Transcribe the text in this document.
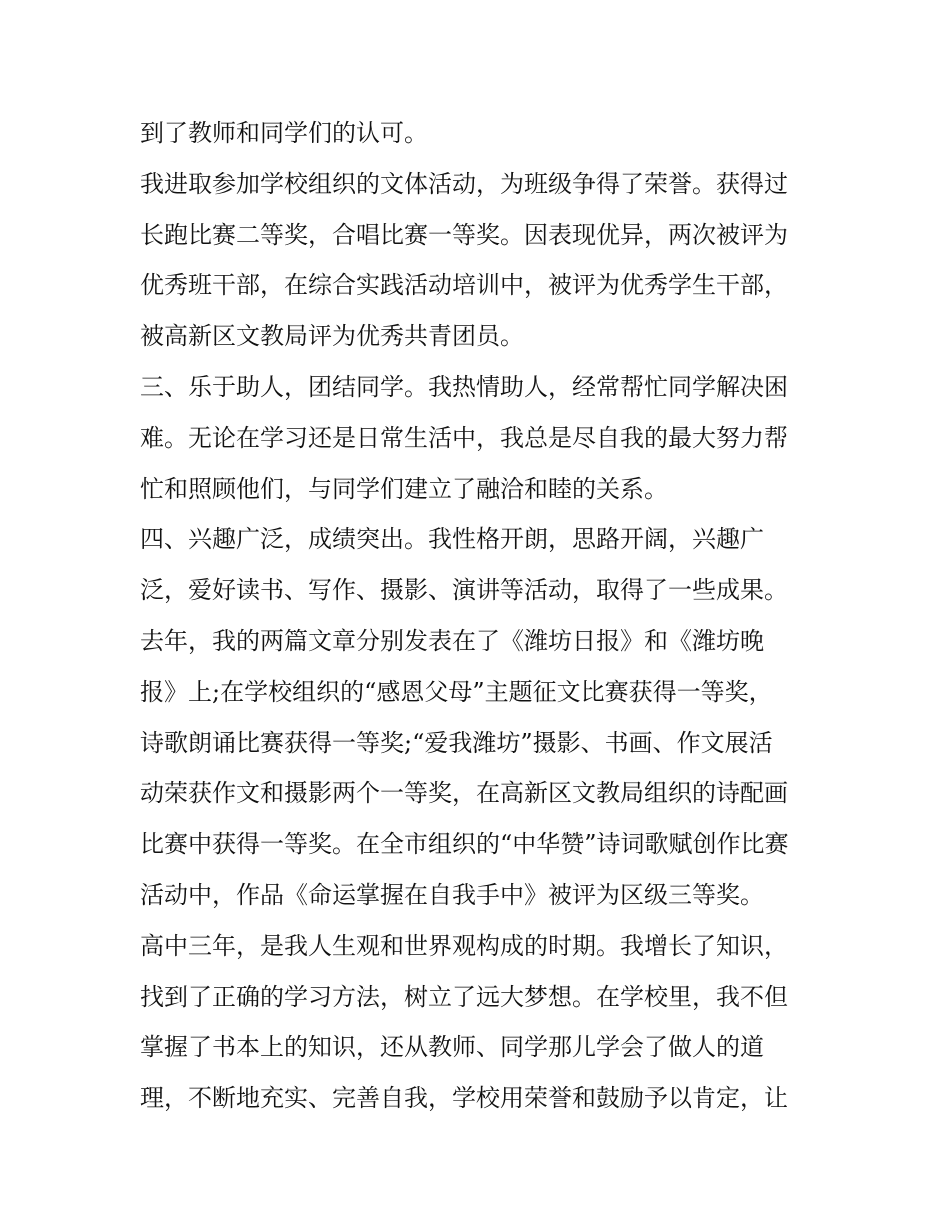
到了教师和同学们的认可。
我进取参加学校组织的文体活动，为班级争得了荣誉。获得过
长跑比赛二等奖，合唱比赛一等奖。因表现优异，两次被评为
优秀班干部，在综合实践活动培训中，被评为优秀学生干部，
被高新区文教局评为优秀共青团员。
三、乐于助人，团结同学。我热情助人，经常帮忙同学解决困
难。无论在学习还是日常生活中，我总是尽自我的最大努力帮
忙和照顾他们，与同学们建立了融洽和睦的关系。
四、兴趣广泛，成绩突出。我性格开朗，思路开阔，兴趣广
泛，爱好读书、写作、摄影、演讲等活动，取得了一些成果。
去年，我的两篇文章分别发表在了《潍坊日报》和《潍坊晚
报》上;在学校组织的“感恩父母”主题征文比赛获得一等奖，
诗歌朗诵比赛获得一等奖;“爱我潍坊”摄影、书画、作文展活
动荣获作文和摄影两个一等奖，在高新区文教局组织的诗配画
比赛中获得一等奖。在全市组织的“中华赞”诗词歌赋创作比赛
活动中，作品《命运掌握在自我手中》被评为区级三等奖。
高中三年，是我人生观和世界观构成的时期。我增长了知识，
找到了正确的学习方法，树立了远大梦想。在学校里，我不但
掌握了书本上的知识，还从教师、同学那儿学会了做人的道
理，不断地充实、完善自我，学校用荣誉和鼓励予以肯定，让
